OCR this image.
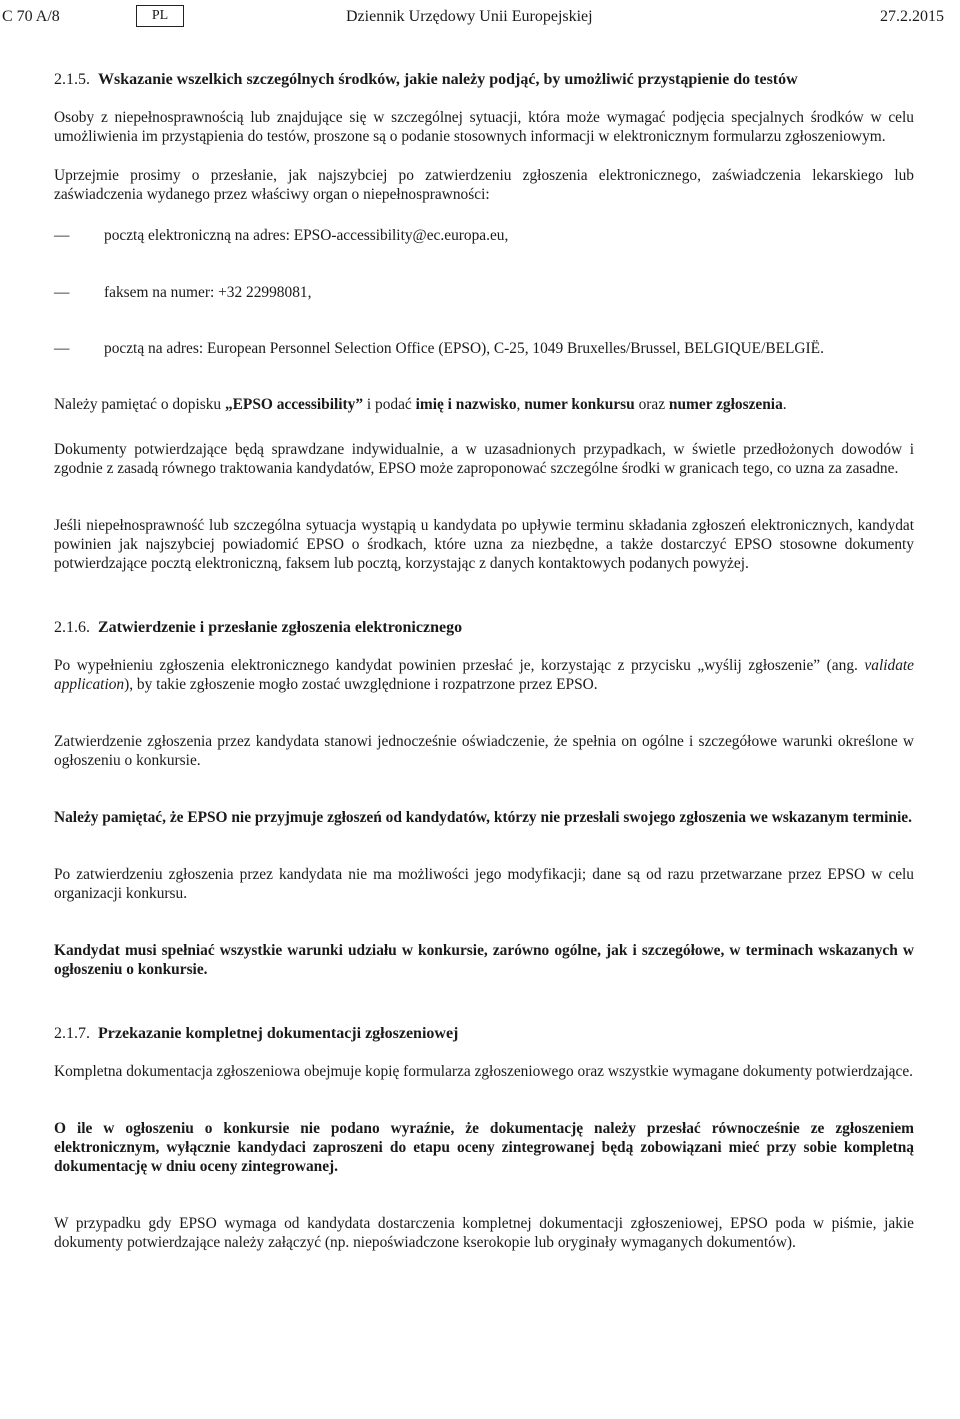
C 70 A/8	PL	Dziennik Urzędowy Unii Europejskiej	27.2.2015
2.1.5. Wskazanie wszelkich szczególnych środków, jakie należy podjąć, by umożliwić przystąpienie do testów

Osoby z niepełnosprawnością lub znajdujące się w szczególnej sytuacji, która może wymagać podjęcia specjalnych środków w celu umożliwienia im przystąpienia do testów, proszone są o podanie stosownych informacji w elektronicznym formularzu zgłoszeniowym.

Uprzejmie prosimy o przesłanie, jak najszybciej po zatwierdzeniu zgłoszenia elektronicznego, zaświadczenia lekarskiego lub zaświadczenia wydanego przez właściwy organ o niepełnosprawności:

— pocztą elektroniczną na adres: EPSO-accessibility@ec.europa.eu,
— faksem na numer: +32 22998081,
— pocztą na adres: European Personnel Selection Office (EPSO), C-25, 1049 Bruxelles/Brussel, BELGIQUE/BELGIË.

Należy pamiętać o dopisku „EPSO accessibility” i podać imię i nazwisko, numer konkursu oraz numer zgłoszenia.

Dokumenty potwierdzające będą sprawdzane indywidualnie, a w uzasadnionych przypadkach, w świetle przedłożonych dowodów i zgodnie z zasadą równego traktowania kandydatów, EPSO może zaproponować szczególne środki w granicach tego, co uzna za zasadne.

Jeśli niepełnosprawność lub szczególna sytuacja wystąpią u kandydata po upływie terminu składania zgłoszeń elektronicznych, kandydat powinien jak najszybciej powiadomić EPSO o środkach, które uzna za niezbędne, a także dostarczyć EPSO stosowne dokumenty potwierdzające pocztą elektroniczną, faksem lub pocztą, korzystając z danych kontaktowych podanych powyżej.

2.1.6. Zatwierdzenie i przesłanie zgłoszenia elektronicznego

Po wypełnieniu zgłoszenia elektronicznego kandydat powinien przesłać je, korzystając z przycisku „wyślij zgłoszenie” (ang. validate application), by takie zgłoszenie mogło zostać uwzględnione i rozpatrzone przez EPSO.

Zatwierdzenie zgłoszenia przez kandydata stanowi jednocześnie oświadczenie, że spełnia on ogólne i szczegółowe warunki określone w ogłoszeniu o konkursie.

Należy pamiętać, że EPSO nie przyjmuje zgłoszeń od kandydatów, którzy nie przesłali swojego zgłoszenia we wskazanym terminie.

Po zatwierdzeniu zgłoszenia przez kandydata nie ma możliwości jego modyfikacji; dane są od razu przetwarzane przez EPSO w celu organizacji konkursu.

Kandydat musi spełniać wszystkie warunki udziału w konkursie, zarówno ogólne, jak i szczegółowe, w terminach wskazanych w ogłoszeniu o konkursie.

2.1.7. Przekazanie kompletnej dokumentacji zgłoszeniowej

Kompletna dokumentacja zgłoszeniowa obejmuje kopię formularza zgłoszeniowego oraz wszystkie wymagane dokumenty potwierdzające.

O ile w ogłoszeniu o konkursie nie podano wyraźnie, że dokumentację należy przesłać równocześnie ze zgłoszeniem elektronicznym, wyłącznie kandydaci zaproszeni do etapu oceny zintegrowanej będą zobowiązani mieć przy sobie kompletną dokumentację w dniu oceny zintegrowanej.

W przypadku gdy EPSO wymaga od kandydata dostarczenia kompletnej dokumentacji zgłoszeniowej, EPSO poda w piśmie, jakie dokumenty potwierdzające należy załączyć (np. niepoświadczone kserokopie lub oryginały wymaganych dokumentów).
